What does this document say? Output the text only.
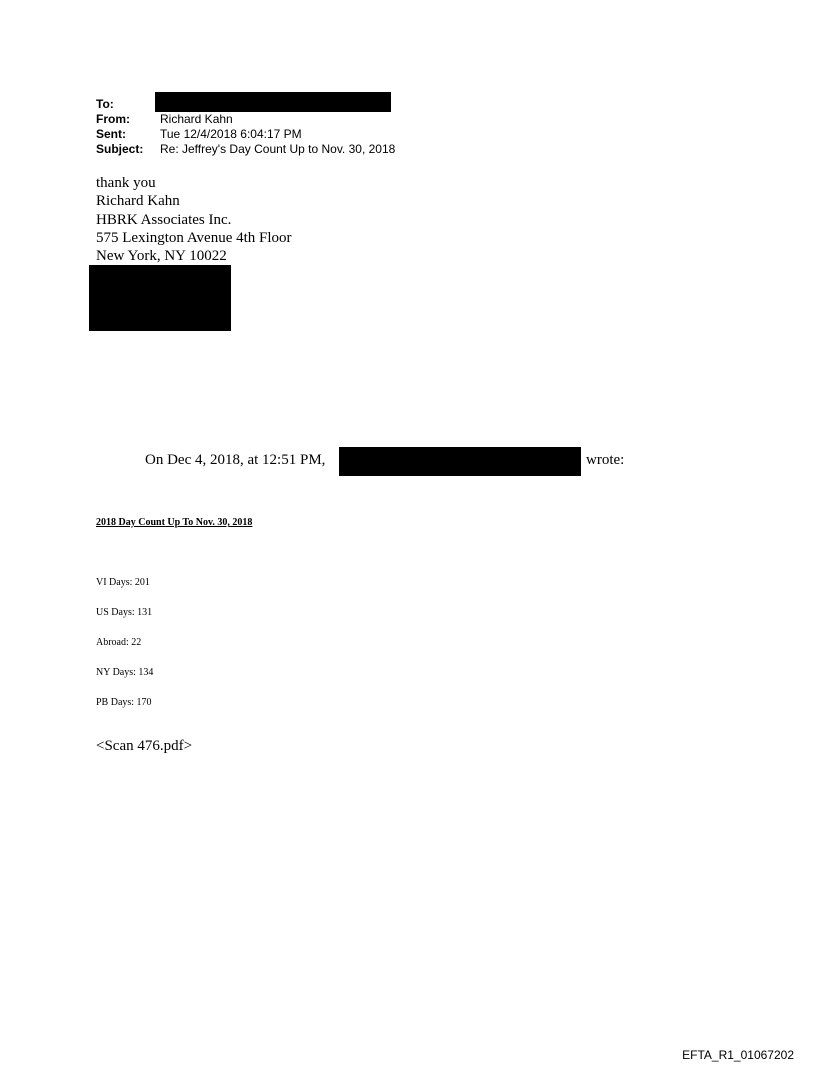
To:
From:	Richard Kahn
Sent:	Tue 12/4/2018 6:04:17 PM
Subject: Re: Jeffrey's Day Count Up to Nov. 30, 2018
thank you
Richard Kahn
HBRK Associates Inc.
575 Lexington Avenue 4th Floor
New York, NY 10022
On Dec 4, 2018, at 12:51 PM,	wrote:
2018 Day Count Up To Nov. 30, 2018
VI Days: 201
US Days: 131
Abroad: 22
NY Days: 134
PB Days: 170
<Scan 476.pdf>
EFTA_R1_01067202
